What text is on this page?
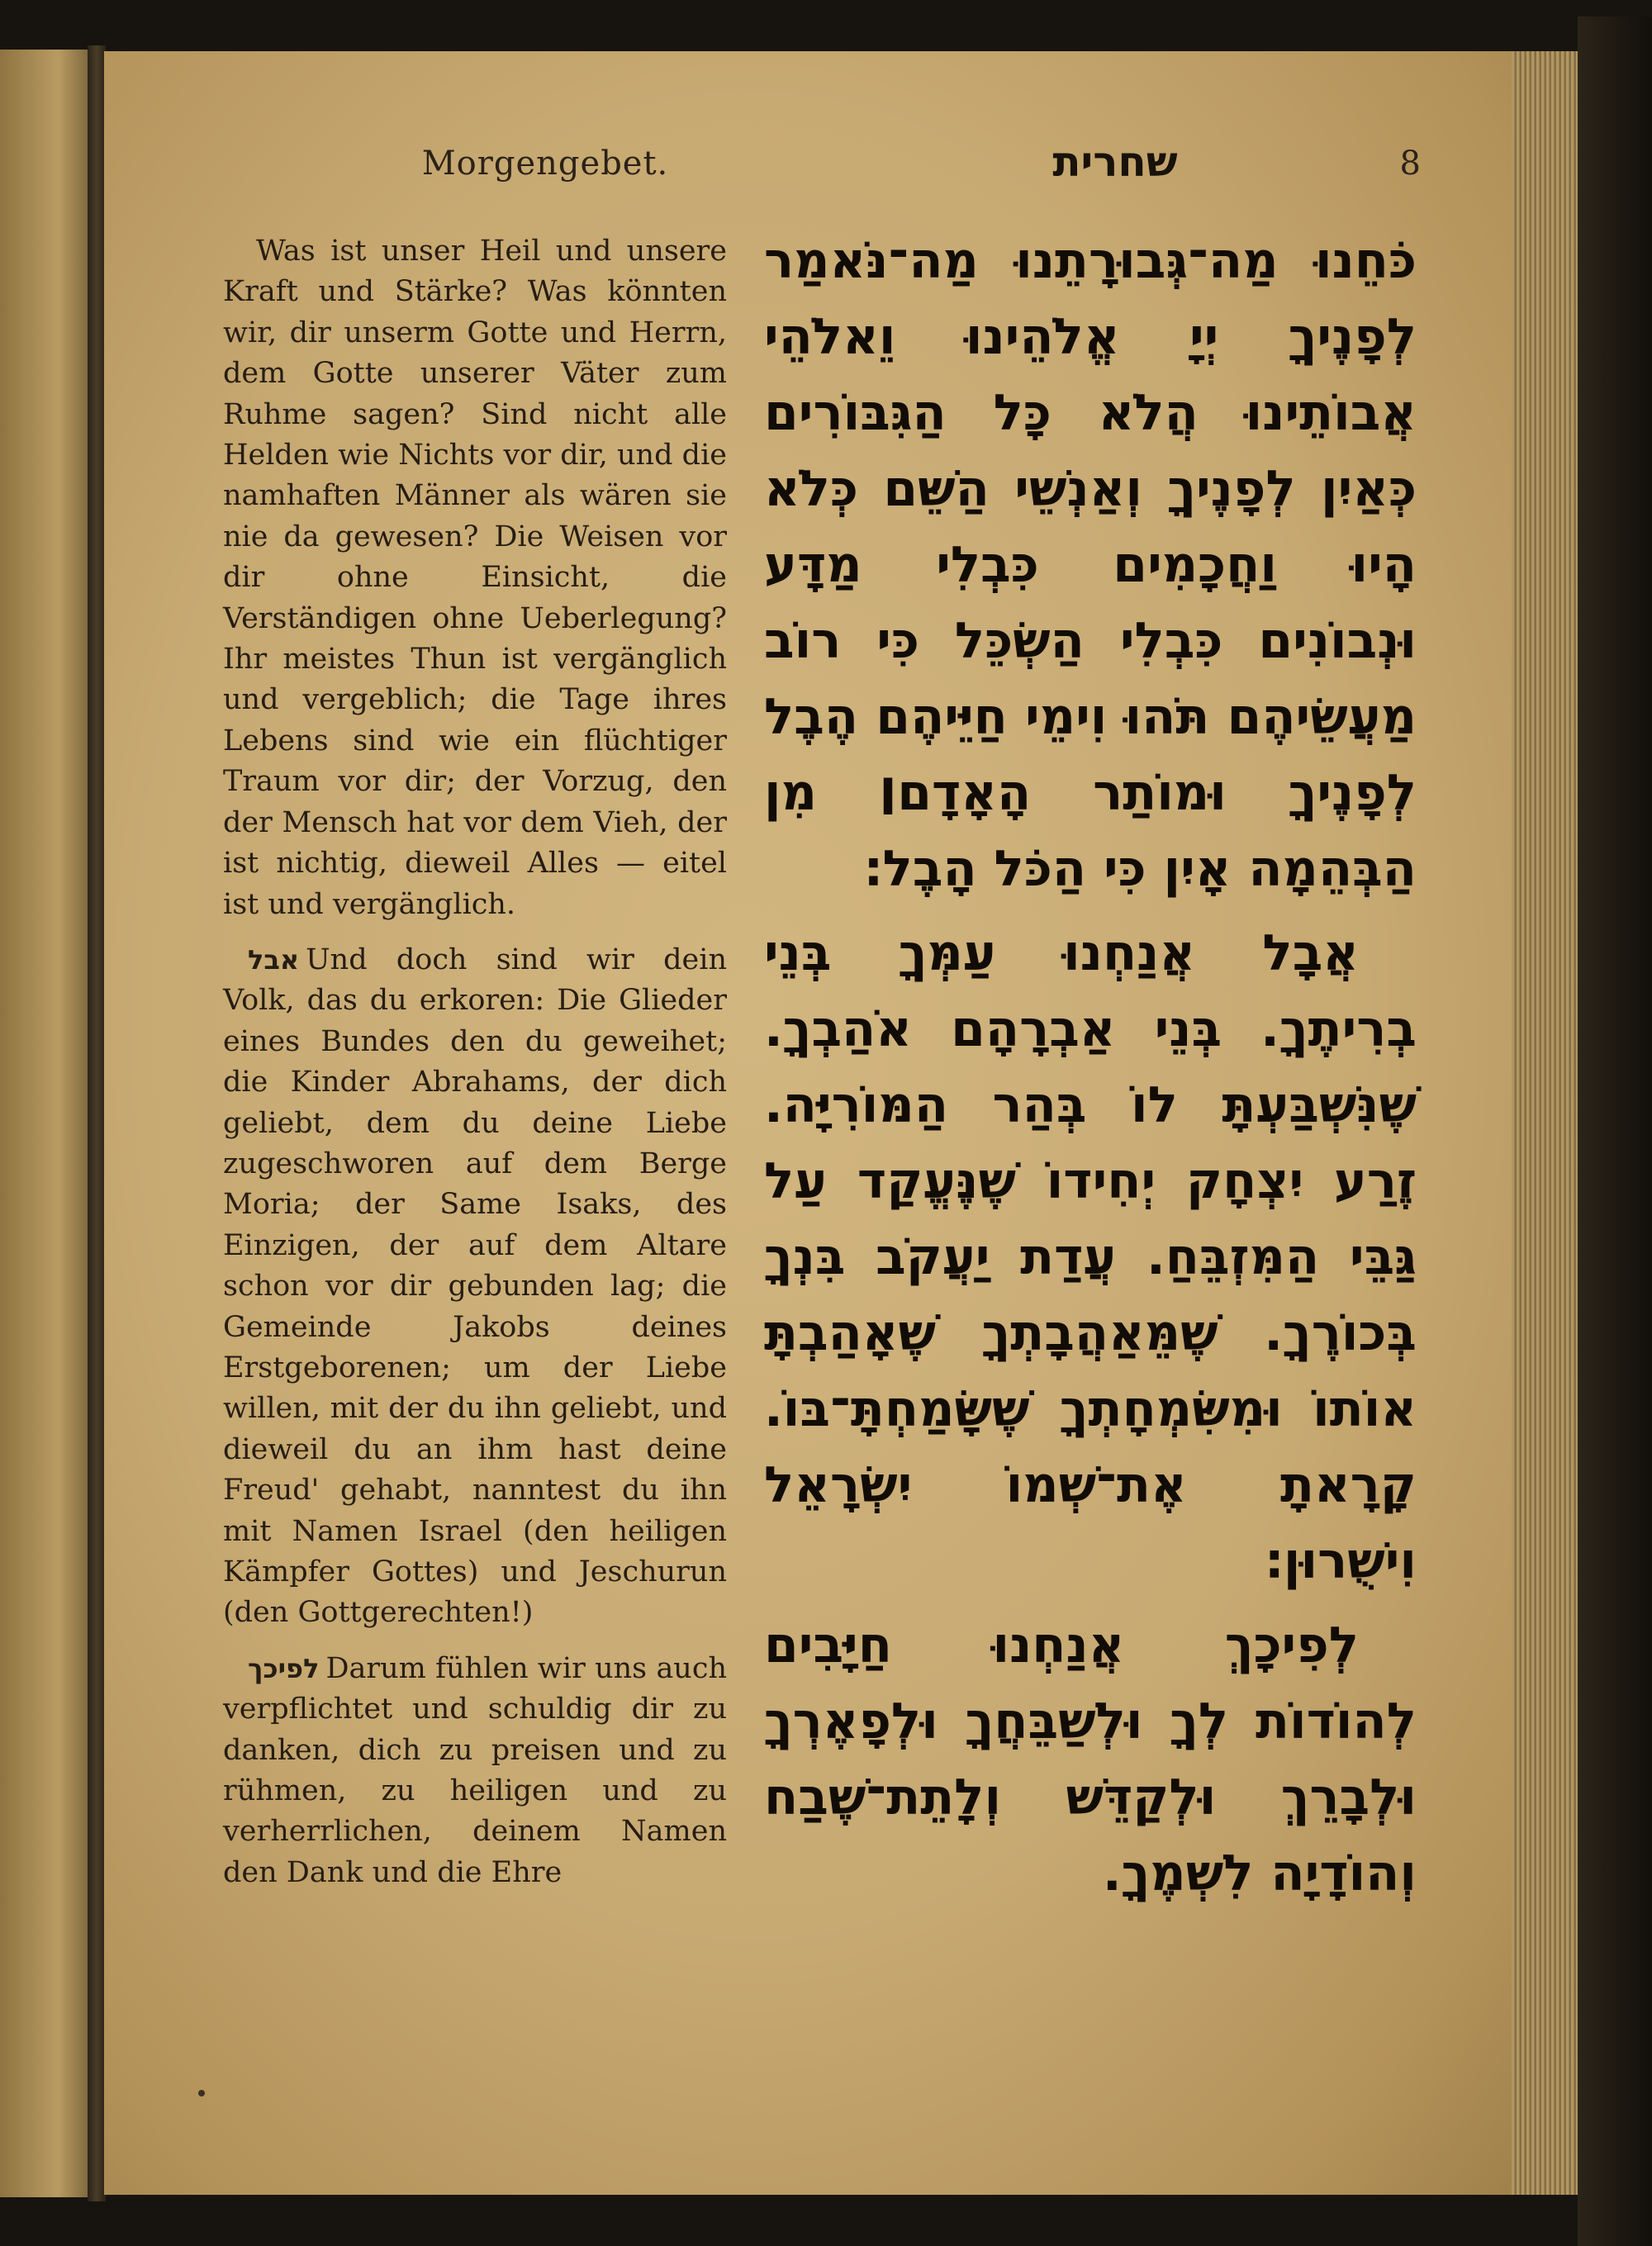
Morgengebet.	שחרית	8

Was ist unser Heil und unsere Kraft und Stärke? Was könnten wir, dir unserm Gotte und Herrn, dem Gotte unserer Väter zum Ruhme sagen? Sind nicht alle Helden wie Nichts vor dir, und die namhaften Männer als wären sie nie da gewesen? Die Weisen vor dir ohne Einsicht, die Verständigen ohne Ueberlegung? Ihr meistes Thun ist vergänglich und vergeblich; die Tage ihres Lebens sind wie ein flüchtiger Traum vor dir; der Vorzug, den der Mensch hat vor dem Vieh, der ist nichtig, dieweil Alles — eitel ist und vergänglich.

אבל Und doch sind wir dein Volk, das du erkoren: Die Glieder eines Bundes den du geweihet; die Kinder Abrahams, der dich geliebt, dem du deine Liebe zugeschworen auf dem Berge Moria; der Same Isaks, des Einzigen, der auf dem Altare schon vor dir gebunden lag; die Gemeinde Jakobs deines Erstgeborenen; um der Liebe willen, mit der du ihn geliebt, und dieweil du an ihm hast deine Freud' gehabt, nanntest du ihn mit Namen Israel (den heiligen Kämpfer Gottes) und Jeschurun (den Gottgerechten!)

לפיכך Darum fühlen wir uns auch verpflichtet und schuldig dir zu danken, dich zu preisen und zu rühmen, zu heiligen und zu verherrlichen, deinem Namen den Dank und die Ehre

כֹּחֵנוּ מַה־גְּבוּרָתֵנוּ מַה־נֹּאמַר לְפָנֶיךָ יְיָ אֱלֹהֵינוּ וֵאלֹהֵי אֲבוֹתֵינוּ הֲלֹא כָּל הַגִּבּוֹרִים כְּאַיִן לְפָנֶיךָ וְאַנְשֵׁי הַשֵּׁם כְּלֹא הָיוּ וַחֲכָמִים כִּבְלִי מַדָּע וּנְבוֹנִים כִּבְלִי הַשְׂכֵּל כִּי רוֹב מַעֲשֵׂיהֶם תֹּהוּ וִימֵי חַיֵּיהֶם הֶבֶל לְפָנֶיךָ וּמוֹתַר הָאָדָם׀ מִן הַבְּהֵמָה אָיִן כִּי הַכֹּל הָבֶל׃

אֲבָל אֲנַחְנוּ עַמְּךָ בְּנֵי בְרִיתֶךָ. בְּנֵי אַבְרָהָם אֹהַבְךָ. שֶׁנִּשְׁבַּעְתָּ לוֹ בְּהַר הַמּוֹרִיָּה. זֶרַע יִצְחָק יְחִידוֹ שֶׁנֶּעֱקַד עַל גַּבֵּי הַמִּזְבֵּחַ. עֲדַת יַעֲקֹב בִּנְךָ בְּכוֹרֶךָ. שֶׁמֵּאַהֲבָתְךָ שֶׁאָהַבְתָּ אוֹתוֹ וּמִשִּׂמְחָתְךָ שֶׁשָּׂמַחְתָּ־בּוֹ. קָרָאתָ אֶת־שְׁמוֹ יִשְׂרָאֵל וִישֻׁרוּן׃

לְפִיכָךְ אֲנַחְנוּ חַיָּבִים לְהוֹדוֹת לְךָ וּלְשַׁבֵּחֲךָ וּלְפָאֶרְךָ וּלְבָרֵךְ וּלְקַדֵּשׁ וְלָתֵת־שֶׁבַח וְהוֹדָיָה לִשְׁמֶךָ.
